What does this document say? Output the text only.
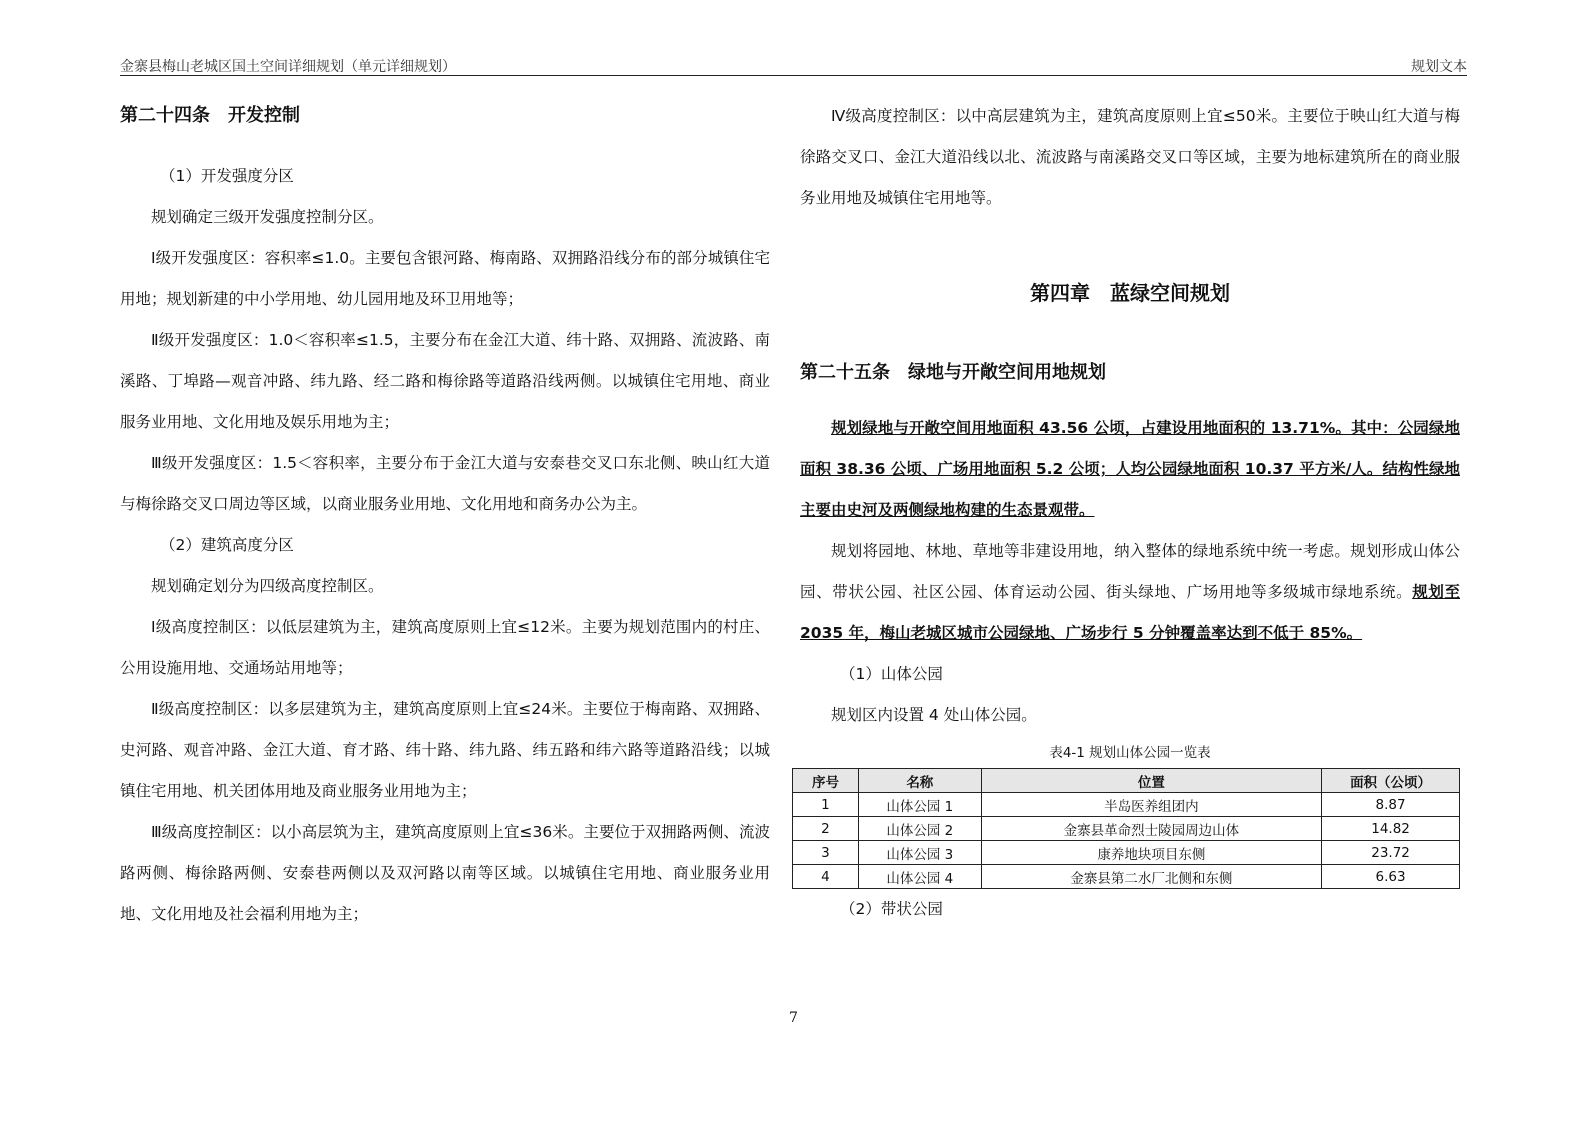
金寨县梅山老城区国土空间详细规划（单元详细规划）	规划文本
第二十四条　开发控制
（1）开发强度分区
规划确定三级开发强度控制分区。
Ⅰ级开发强度区：容积率≤1.0。主要包含银河路、梅南路、双拥路沿线分布的部分城镇住宅用地；规划新建的中小学用地、幼儿园用地及环卫用地等；
Ⅱ级开发强度区：1.0＜容积率≤1.5，主要分布在金江大道、纬十路、双拥路、流波路、南溪路、丁埠路—观音冲路、纬九路、经二路和梅徐路等道路沿线两侧。以城镇住宅用地、商业服务业用地、文化用地及娱乐用地为主；
Ⅲ级开发强度区：1.5＜容积率，主要分布于金江大道与安泰巷交叉口东北侧、映山红大道与梅徐路交叉口周边等区域，以商业服务业用地、文化用地和商务办公为主。
（2）建筑高度分区
规划确定划分为四级高度控制区。
Ⅰ级高度控制区：以低层建筑为主，建筑高度原则上宜≤12米。主要为规划范围内的村庄、公用设施用地、交通场站用地等；
Ⅱ级高度控制区：以多层建筑为主，建筑高度原则上宜≤24米。主要位于梅南路、双拥路、史河路、观音冲路、金江大道、育才路、纬十路、纬九路、纬五路和纬六路等道路沿线；以城镇住宅用地、机关团体用地及商业服务业用地为主；
Ⅲ级高度控制区：以小高层筑为主，建筑高度原则上宜≤36米。主要位于双拥路两侧、流波路两侧、梅徐路两侧、安泰巷两侧以及双河路以南等区域。以城镇住宅用地、商业服务业用地、文化用地及社会福利用地为主；
Ⅳ级高度控制区：以中高层建筑为主，建筑高度原则上宜≤50米。主要位于映山红大道与梅徐路交叉口、金江大道沿线以北、流波路与南溪路交叉口等区域，主要为地标建筑所在的商业服务业用地及城镇住宅用地等。
第四章　蓝绿空间规划
第二十五条　绿地与开敞空间用地规划
规划绿地与开敞空间用地面积 43.56 公顷，占建设用地面积的 13.71%。其中：公园绿地面积 38.36 公顷、广场用地面积 5.2 公顷；人均公园绿地面积 10.37 平方米/人。结构性绿地主要由史河及两侧绿地构建的生态景观带。
规划将园地、林地、草地等非建设用地，纳入整体的绿地系统中统一考虑。规划形成山体公园、带状公园、社区公园、体育运动公园、街头绿地、广场用地等多级城市绿地系统。规划至 2035 年，梅山老城区城市公园绿地、广场步行 5 分钟覆盖率达到不低于 85%。
（1）山体公园
规划区内设置 4 处山体公园。
表4-1 规划山体公园一览表
序号	名称	位置	面积（公顷）
1	山体公园 1	半岛医养组团内	8.87
2	山体公园 2	金寨县革命烈士陵园周边山体	14.82
3	山体公园 3	康养地块项目东侧	23.72
4	山体公园 4	金寨县第二水厂北侧和东侧	6.63
（2）带状公园
7
